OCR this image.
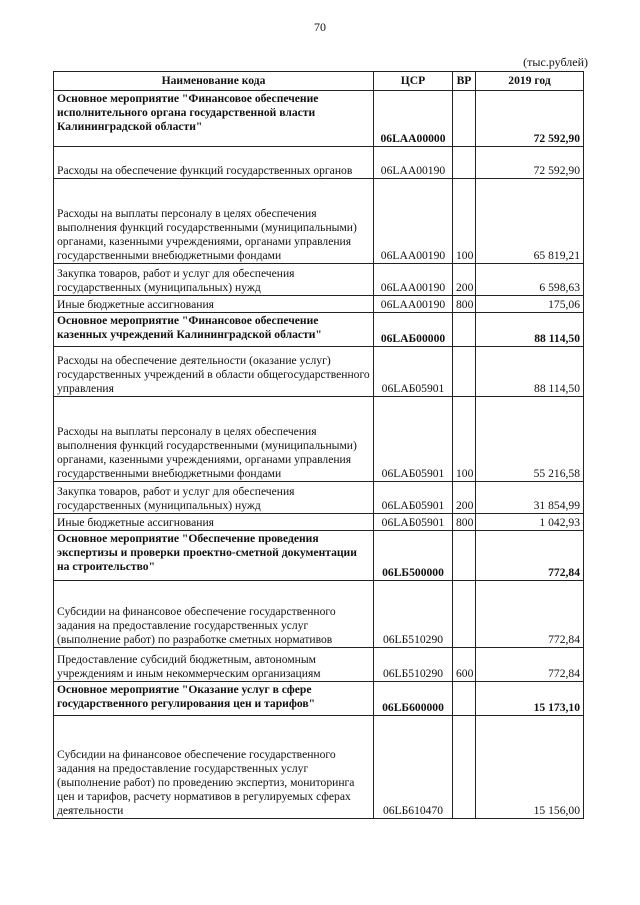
70
(тыс.рублей)
Наименование кода	ЦСР	ВР	2019 год
Основное мероприятие "Финансовое обеспечение исполнительного органа государственной власти Калининградской области"	06LАА00000		72 592,90
Расходы на обеспечение функций государственных органов	06LАА00190		72 592,90
Расходы на выплаты персоналу в целях обеспечения выполнения функций государственными (муниципальными) органами, казенными учреждениями, органами управления государственными внебюджетными фондами	06LАА00190	100	65 819,21
Закупка товаров, работ и услуг для обеспечения государственных (муниципальных) нужд	06LАА00190	200	6 598,63
Иные бюджетные ассигнования	06LАА00190	800	175,06
Основное мероприятие "Финансовое обеспечение казенных учреждений Калининградской области"	06LАБ00000		88 114,50
Расходы на обеспечение деятельности (оказание услуг) государственных учреждений в области общегосударственного управления	06LАБ05901		88 114,50
Расходы на выплаты персоналу в целях обеспечения выполнения функций государственными (муниципальными) органами, казенными учреждениями, органами управления государственными внебюджетными фондами	06LАБ05901	100	55 216,58
Закупка товаров, работ и услуг для обеспечения государственных (муниципальных) нужд	06LАБ05901	200	31 854,99
Иные бюджетные ассигнования	06LАБ05901	800	1 042,93
Основное мероприятие "Обеспечение проведения экспертизы и проверки проектно-сметной документации на строительство"	06LБ500000		772,84
Субсидии на финансовое обеспечение государственного задания на предоставление государственных услуг (выполнение работ) по разработке сметных нормативов	06LБ510290		772,84
Предоставление субсидий бюджетным, автономным учреждениям и иным некоммерческим организациям	06LБ510290	600	772,84
Основное мероприятие "Оказание услуг в сфере государственного регулирования цен и тарифов"	06LБ600000		15 173,10
Субсидии на финансовое обеспечение государственного задания на предоставление государственных услуг (выполнение работ) по проведению экспертиз, мониторинга цен и тарифов, расчету нормативов в регулируемых сферах деятельности	06LБ610470		15 156,00
